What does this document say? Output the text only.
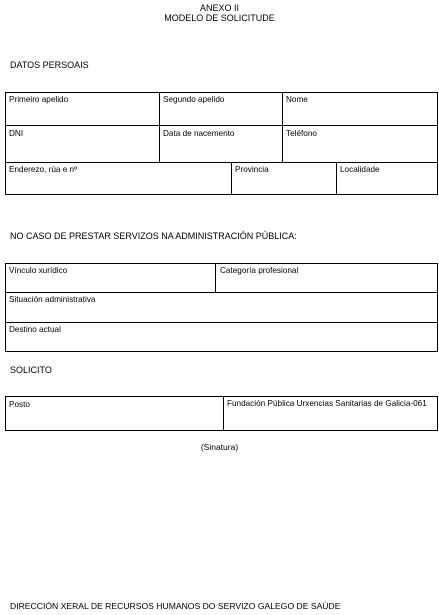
ANEXO II
MODELO DE SOLICITUDE
DATOS PERSOAIS
Primeiro apelido	Segundo apelido	Nome
DNI	Data de nacemento	Teléfono
Enderezo, rúa e nº	Provincia	Localidade
NO CASO DE PRESTAR SERVIZOS NA ADMINISTRACIÓN PÚBLICA:
Vínculo xurídico	Categoría profesional
Situación administrativa
Destino actual
SOLICITO
Posto	Fundación Pública Urxencias Sanitarias de Galicia-061
(Sinatura)
DIRECCIÓN XERAL DE RECURSOS HUMANOS DO SERVIZO GALEGO DE SAÚDE
